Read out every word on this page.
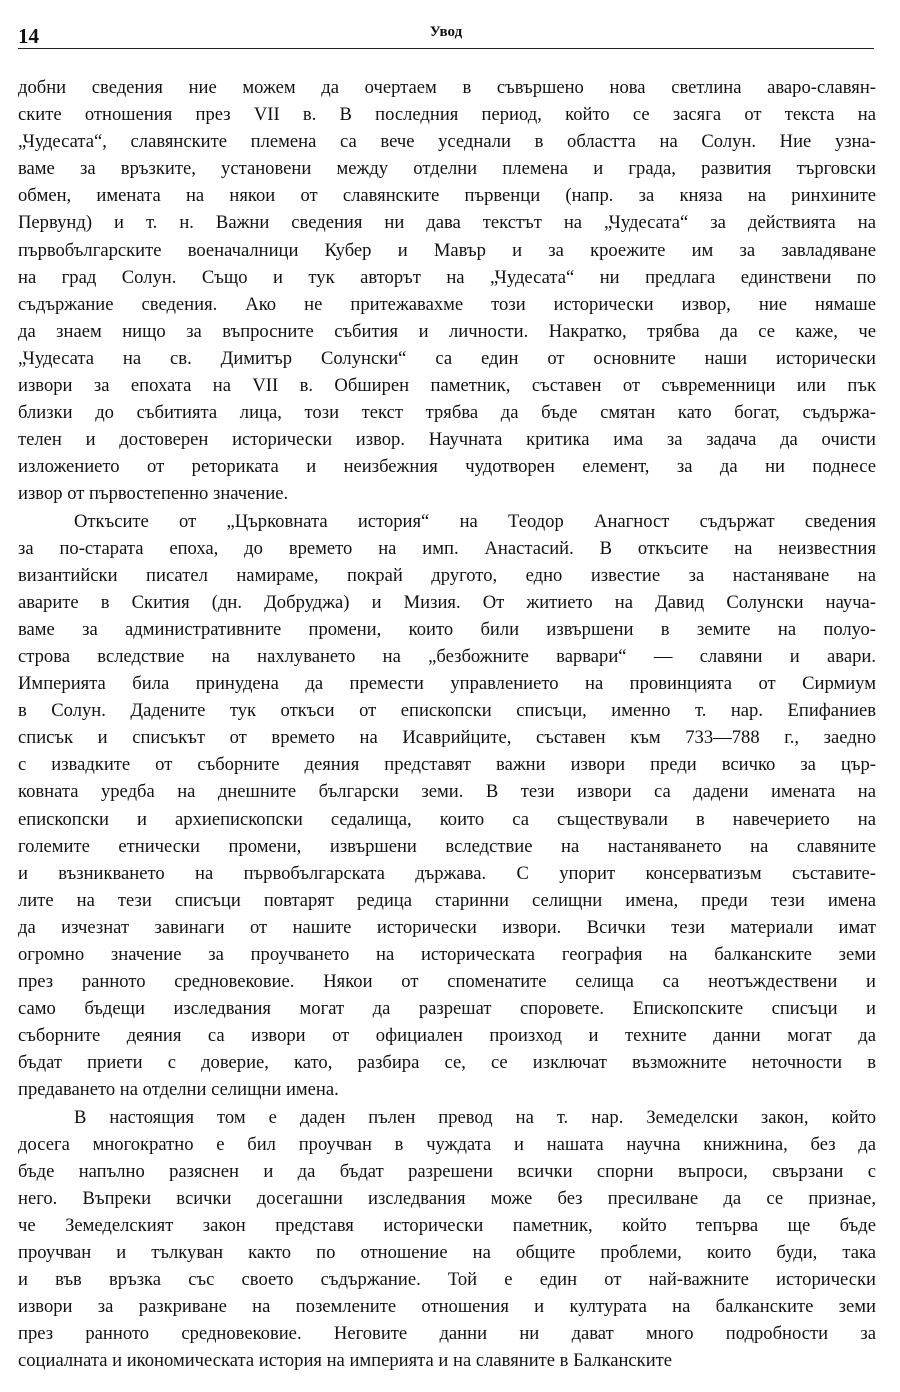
14	Увод

добни сведения ние можем да очертаем в съвършено нова светлина аваро-славян-
ските отношения през VII в. В последния период, който се засяга от текста на
„Чудесата“, славянските племена са вече уседнали в областта на Солун. Ние узна-
ваме за връзките, установени между отделни племена и града, развития търговски
обмен, имената на някои от славянските първенци (напр. за княза на ринхините
Первунд) и т. н. Важни сведения ни дава текстът на „Чудесата“ за действията на
първобългарските военачалници Кубер и Мавър и за кроежите им за завладяване
на град Солун. Също и тук авторът на „Чудесата“ ни предлага единствени по
съдържание сведения. Ако не притежавахме този исторически извор, ние нямаше
да знаем нищо за въпросните събития и личности. Накратко, трябва да се каже, че
„Чудесата на св. Димитър Солунски“ са един от основните наши исторически
извори за епохата на VII в. Обширен паметник, съставен от съвременници или пък
близки до събитията лица, този текст трябва да бъде смятан като богат, съдържа-
телен и достоверен исторически извор. Научната критика има за задача да очисти
изложението от реториката и неизбежния чудотворен елемент, за да ни поднесе
извор от първостепенно значение.

Откъсите от „Църковната история“ на Теодор Анагност съдържат сведения
за по-старата епоха, до времето на имп. Анастасий. В откъсите на неизвестния
византийски писател намираме, покрай другото, едно известие за настаняване на
аварите в Скития (дн. Добруджа) и Мизия. От житието на Давид Солунски научa-
ваме за административните промени, които били извършени в земите на полуо-
строва вследствие на нахлуването на „безбожните варвари“ — славяни и авари.
Империята била принудена да премести управлението на провинцията от Сирмиум
в Солун. Дадените тук откъси от епископски списъци, именно т. нар. Епифаниев
списък и списъкът от времето на Исаврийците, съставен към 733—788 г., заедно
с извадките от съборните деяния представят важни извори преди всичко за цър-
ковната уредба на днешните български земи. В тези извори са дадени имената на
епископски и архиепископски седалища, които са съществували в навечерието на
големите етнически промени, извършени вследствие на настаняването на славяните
и възникването на първобългарската държава. С упорит консерватизъм съставите-
лите на тези списъци повтарят редица старинни селищни имена, преди тези имена
да изчезнат завинаги от нашите исторически извори. Всички тези материали имат
огромно значение за проучването на историческата география на балканските земи
през ранното средновековие. Някои от споменатите селища са неотъждествени и
само бъдещи изследвания могат да разрешат споровете. Епископските списъци и
съборните деяния са извори от официален произход и техните данни могат да
бъдат приети с доверие, като, разбира се, се изключат възможните неточности в
предаването на отделни селищни имена.

В настоящия том е даден пълен превод на т. нар. Земеделски закон, който
досега многократно е бил проучван в чуждата и нашата научна книжнина, без да
бъде напълно разяснен и да бъдат разрешени всички спорни въпроси, свързани с
него. Въпреки всички досегашни изследвания може без пресилване да се признае,
че Земеделският закон представя исторически паметник, който тепърва ще бъде
проучван и тълкуван както по отношение на общите проблеми, които буди, така
и във връзка със своето съдържание. Той е един от най-важните исторически
извори за разкриване на поземлените отношения и културата на балканските земи
през ранното средновековие. Неговите данни ни дават много подробности за
социалната и икономическата история на империята и на славяните в Балканските
